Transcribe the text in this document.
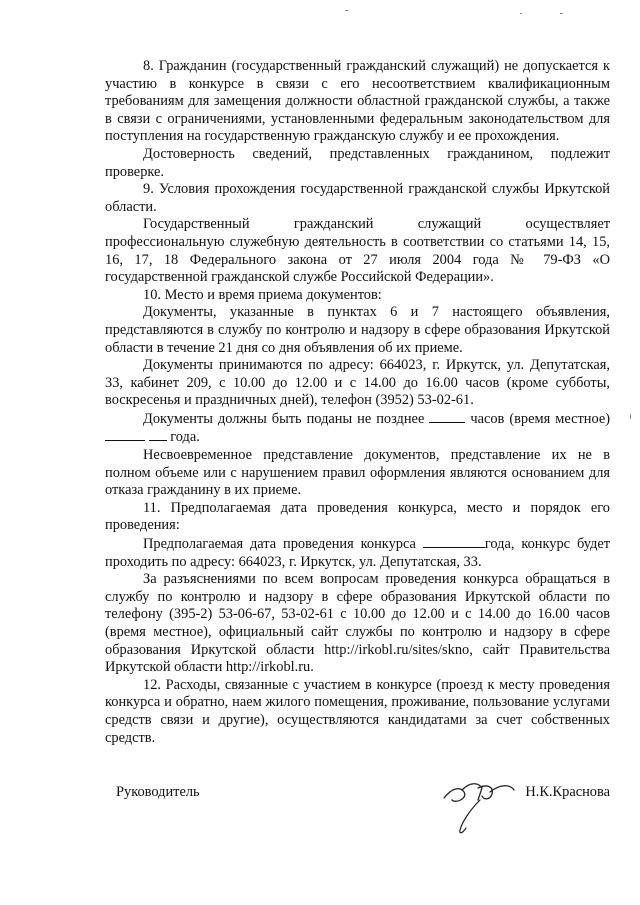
8. Гражданин (государственный гражданский служащий) не допускается к участию в конкурсе в связи с его несоответствием квалификационным требованиям для замещения должности областной гражданской службы, а также в связи с ограничениями, установленными федеральным законодательством для поступления на государственную гражданскую службу и ее прохождения.

Достоверность сведений, представленных гражданином, подлежит проверке.

9. Условия прохождения государственной гражданской службы Иркутской области.

Государственный гражданский служащий осуществляет профессиональную служебную деятельность в соответствии со статьями 14, 15, 16, 17, 18 Федерального закона от 27 июля 2004 года № 79-ФЗ «О государственной гражданской службе Российской Федерации».

10. Место и время приема документов:

Документы, указанные в пунктах 6 и 7 настоящего объявления, представляются в службу по контролю и надзору в сфере образования Иркутской области в течение 21 дня со дня объявления об их приеме.

Документы принимаются по адресу: 664023, г. Иркутск, ул. Депутатская, 33, кабинет 209, с 10.00 до 12.00 и с 14.00 до 16.00 часов (кроме субботы, воскресенья и праздничных дней), телефон (3952) 53-02-61.

Документы должны быть поданы не позднее	часов (время местное)   года.

Несвоевременное представление документов, представление их не в полном объеме или с нарушением правил оформления являются основанием для отказа гражданину в их приеме.

11. Предполагаемая дата проведения конкурса, место и порядок его проведения:

Предполагаемая дата проведения конкурса	года, конкурс будет проходить по адресу: 664023, г. Иркутск, ул. Депутатская, 33.

За разъяснениями по всем вопросам проведения конкурса обращаться в службу по контролю и надзору в сфере образования Иркутской области по телефону (395-2) 53-06-67, 53-02-61 с 10.00 до 12.00 и с 14.00 до 16.00 часов (время местное), официальный сайт службы по контролю и надзору в сфере образования Иркутской области http://irkobl.ru/sites/skno, сайт Правительства Иркутской области http://irkobl.ru.

12. Расходы, связанные с участием в конкурсе (проезд к месту проведения конкурса и обратно, наем жилого помещения, проживание, пользование услугами средств связи и другие), осуществляются кандидатами за счет собственных средств.

Руководитель	Н.К.Краснова
